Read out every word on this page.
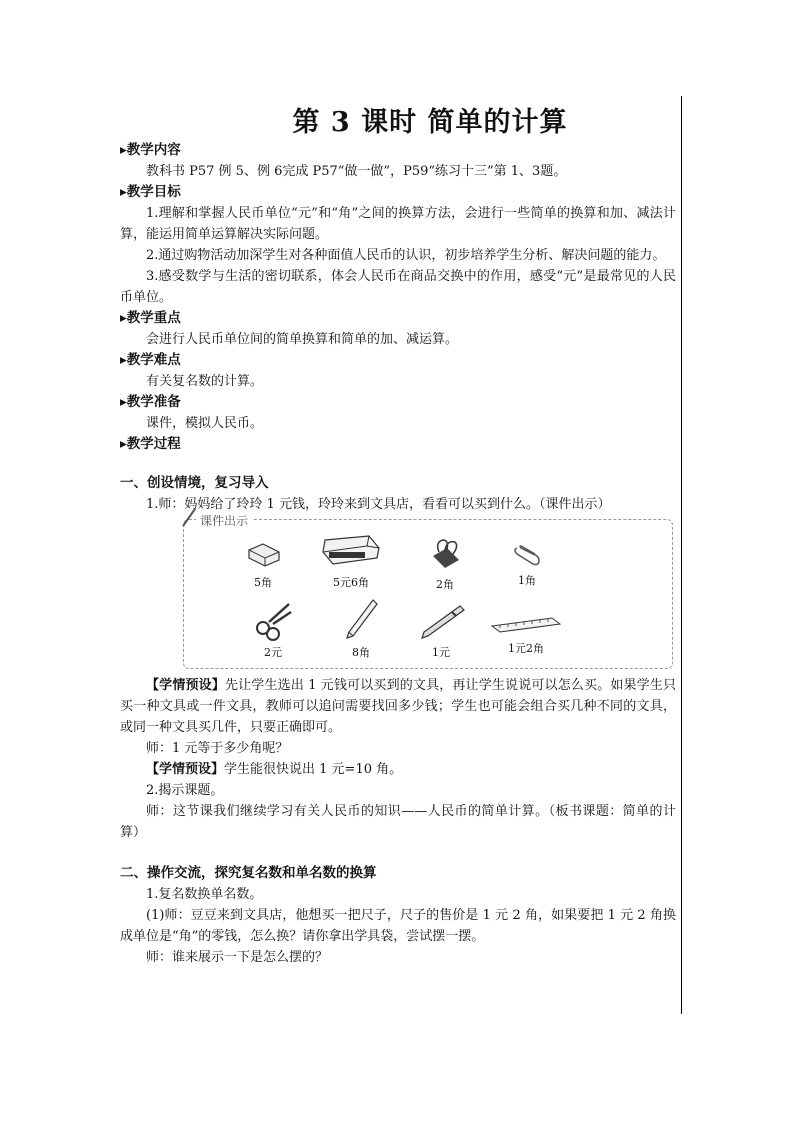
第 3 课时 简单的计算

▸教学内容

教科书 P57 例 5、例 6完成 P57“做一做”，P59“练习十三”第 1、3题。

▸教学目标

1.理解和掌握人民币单位“元”和“角”之间的换算方法，会进行一些简单的换算和加、减法计算，能运用简单运算解决实际问题。

2.通过购物活动加深学生对各种面值人民币的认识，初步培养学生分析、解决问题的能力。

3.感受数学与生活的密切联系，体会人民币在商品交换中的作用，感受“元”是最常见的人民币单位。

▸教学重点

会进行人民币单位间的简单换算和简单的加、减运算。

▸教学难点

有关复名数的计算。

▸教学准备

课件，模拟人民币。

▸教学过程

一、创设情境，复习导入

1.师：妈妈给了玲玲 1 元钱，玲玲来到文具店，看看可以买到什么。（课件出示）

课件出示
5角	5元6角	2角	1角
2元	8角	1元	1元2角

【学情预设】先让学生选出 1 元钱可以买到的文具，再让学生说说可以怎么买。如果学生只买一种文具或一件文具，教师可以追问需要找回多少钱；学生也可能会组合买几种不同的文具，或同一种文具买几件，只要正确即可。

师：1 元等于多少角呢？

【学情预设】学生能很快说出 1 元=10 角。

2.揭示课题。

师：这节课我们继续学习有关人民币的知识——人民币的简单计算。（板书课题：简单的计算）

二、操作交流，探究复名数和单名数的换算

1.复名数换单名数。

(1)师：豆豆来到文具店，他想买一把尺子，尺子的售价是 1 元 2 角，如果要把 1 元 2 角换成单位是“角”的零钱，怎么换？请你拿出学具袋，尝试摆一摆。

师：谁来展示一下是怎么摆的？
